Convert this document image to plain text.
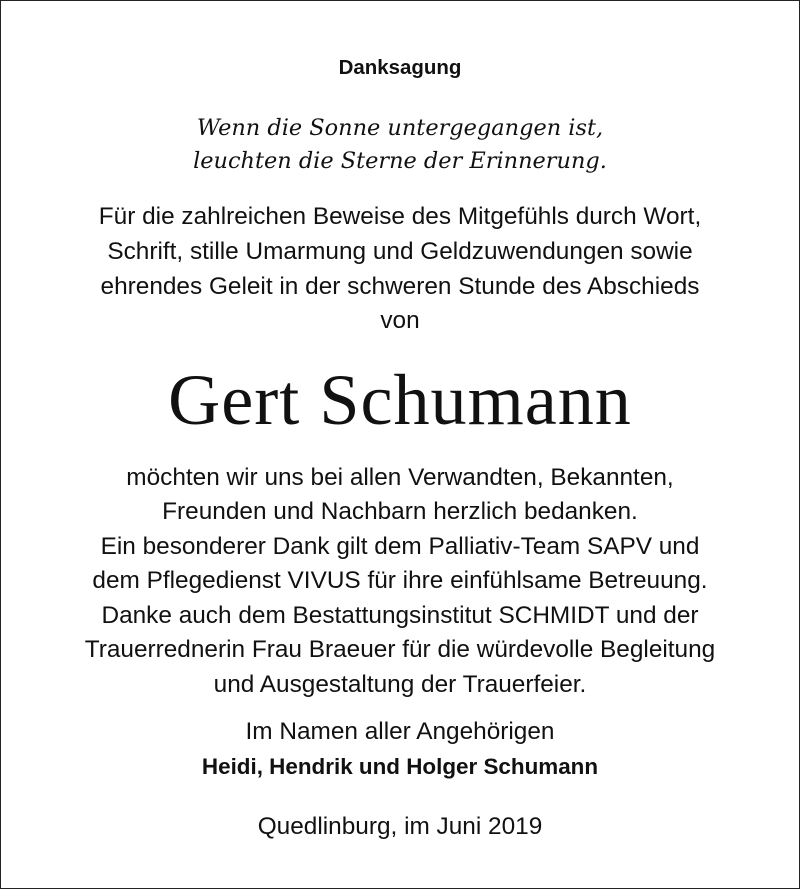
Danksagung
Wenn die Sonne untergegangen ist,
leuchten die Sterne der Erinnerung.
Für die zahlreichen Beweise des Mitgefühls durch Wort,
Schrift, stille Umarmung und Geldzuwendungen sowie
ehrendes Geleit in der schweren Stunde des Abschieds
von
Gert Schumann
möchten wir uns bei allen Verwandten, Bekannten,
Freunden und Nachbarn herzlich bedanken.
Ein besonderer Dank gilt dem Palliativ-Team SAPV und
dem Pflegedienst VIVUS für ihre einfühlsame Betreuung.
Danke auch dem Bestattungsinstitut SCHMIDT und der
Trauerrednerin Frau Braeuer für die würdevolle Begleitung
und Ausgestaltung der Trauerfeier.
Im Namen aller Angehörigen
Heidi, Hendrik und Holger Schumann
Quedlinburg, im Juni 2019
